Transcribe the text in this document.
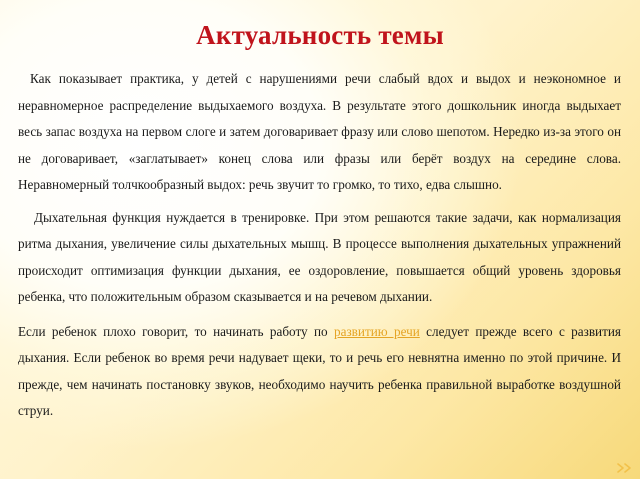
Актуальность темы

Как показывает практика, у детей с нарушениями речи слабый вдох и выдох и неэкономное и неравномерное распределение выдыхаемого воздуха. В результате этого дошкольник иногда выдыхает весь запас воздуха на первом слоге и затем договаривает фразу или слово шепотом. Нередко из-за этого он не договаривает, «заглатывает» конец слова или фразы или берёт воздух на середине слова. Неравномерный толчкообразный выдох: речь звучит то громко, то тихо, едва слышно.

Дыхательная функция нуждается в тренировке. При этом решаются такие задачи, как нормализация ритма дыхания, увеличение силы дыхательных мышц. В процессе выполнения дыхательных упражнений происходит оптимизация функции дыхания, ее оздоровление, повышается общий уровень здоровья ребенка, что положительным образом сказывается и на речевом дыхании.

Если ребенок плохо говорит, то начинать работу по развитию речи следует прежде всего с развития дыхания. Если ребенок во время речи надувает щеки, то и речь его невнятна именно по этой причине. И прежде, чем начинать постановку звуков, необходимо научить ребенка правильной выработке воздушной струи.
